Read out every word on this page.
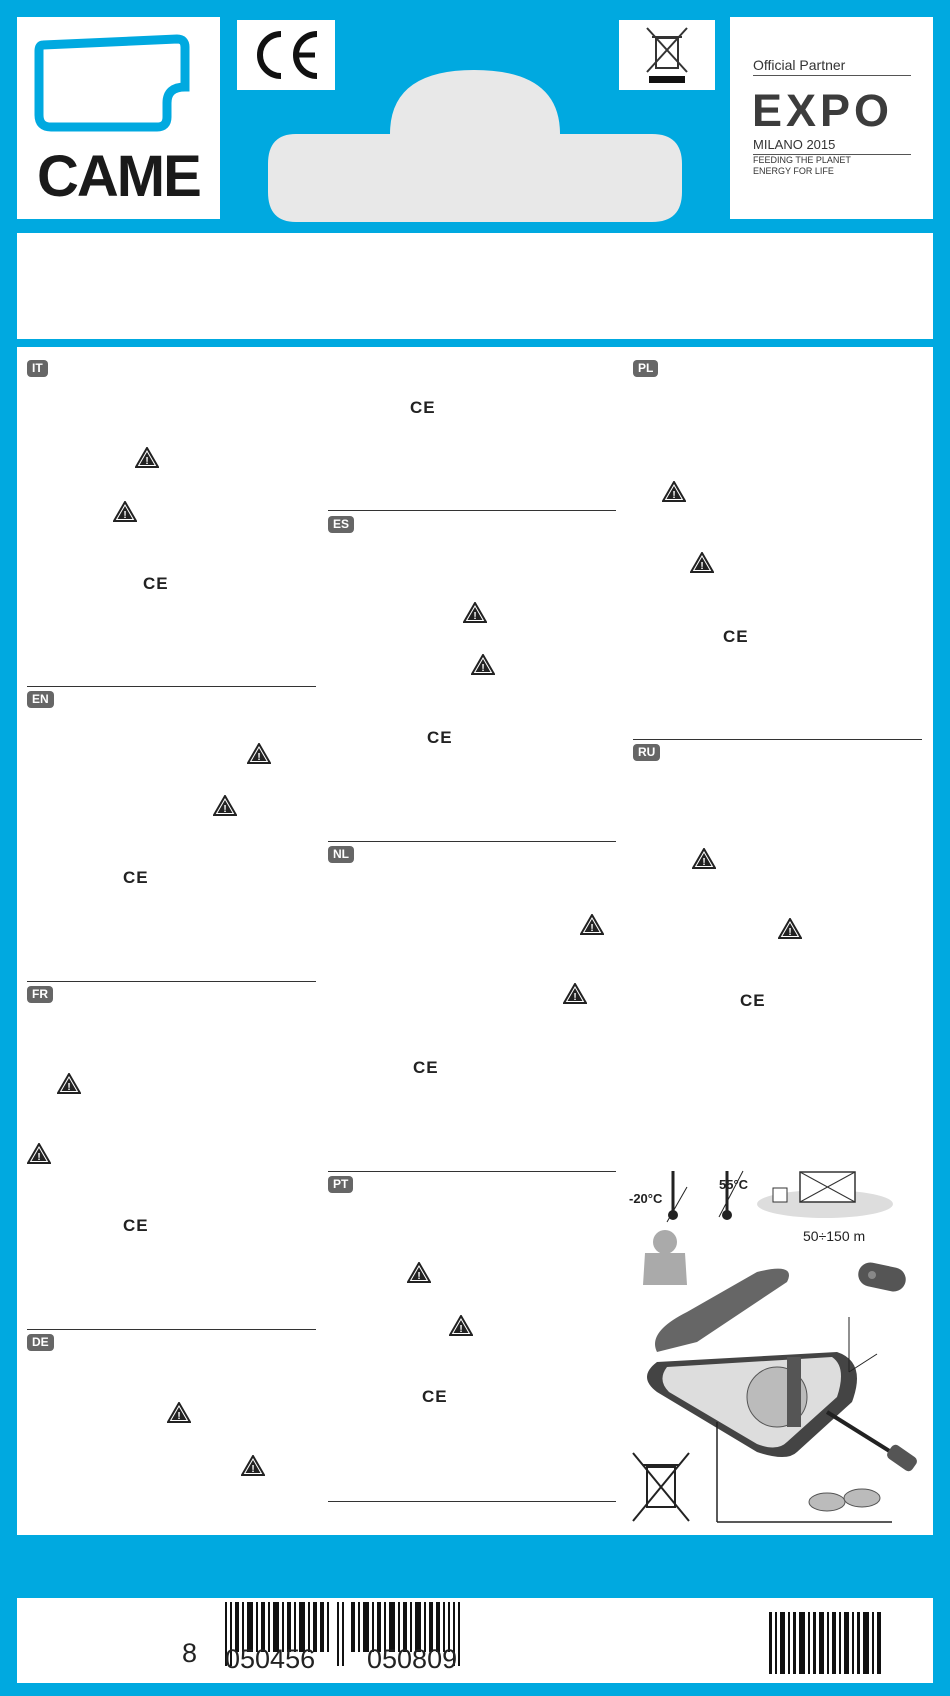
CAME
Official Partner
EXPO
MILANO 2015
FEEDING THE PLANET
ENERGY FOR LIFE
IT
EN
FR
DE
ES
NL
PT
PL
RU
!
!
!
!
!
!
!
!
!
!
!
!
!
!
!
!
!
!
CE
CE
CE
CE
CE
CE
CE
CE
CE
-20°C
55°C
50÷150 m
8 050456 050809
